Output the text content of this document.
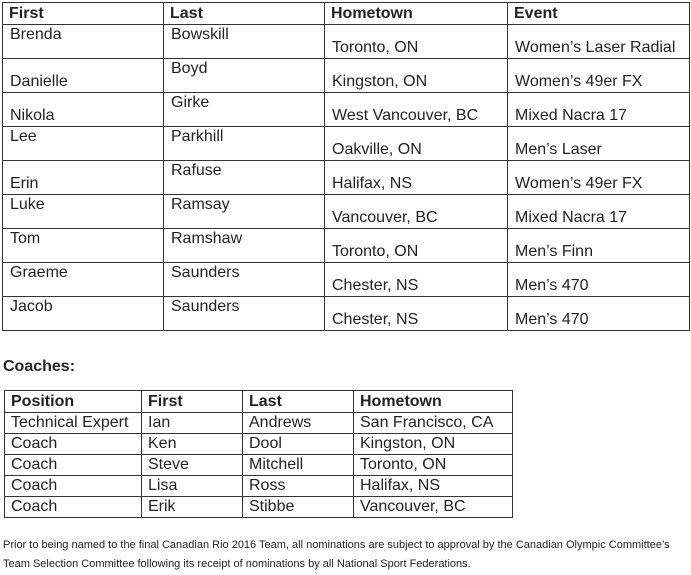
First	Last	Hometown	Event

Brenda	Bowskill	Toronto, ON	Women’s Laser Radial

Danielle	Boyd	Kingston, ON	Women’s 49er FX

Nikola	Girke	West Vancouver, BC	Mixed Nacra 17

Lee	Parkhill	Oakville, ON	Men’s Laser

Erin	Rafuse	Halifax, NS	Women’s 49er FX

Luke	Ramsay	Vancouver, BC	Mixed Nacra 17

Tom	Ramshaw	Toronto, ON	Men’s Finn

Graeme	Saunders	Chester, NS	Men’s 470

Jacob	Saunders	Chester, NS	Men’s 470
Coaches:
Position	First	Last	Hometown
Technical Expert	Ian	Andrews	San Francisco, CA
Coach	Ken	Dool	Kingston, ON
Coach	Steve	Mitchell	Toronto, ON
Coach	Lisa	Ross	Halifax, NS
Coach	Erik	Stibbe	Vancouver, BC

Prior to being named to the final Canadian Rio 2016 Team, all nominations are subject to approval by the Canadian Olympic Committee’s Team Selection Committee following its receipt of nominations by all National Sport Federations.
